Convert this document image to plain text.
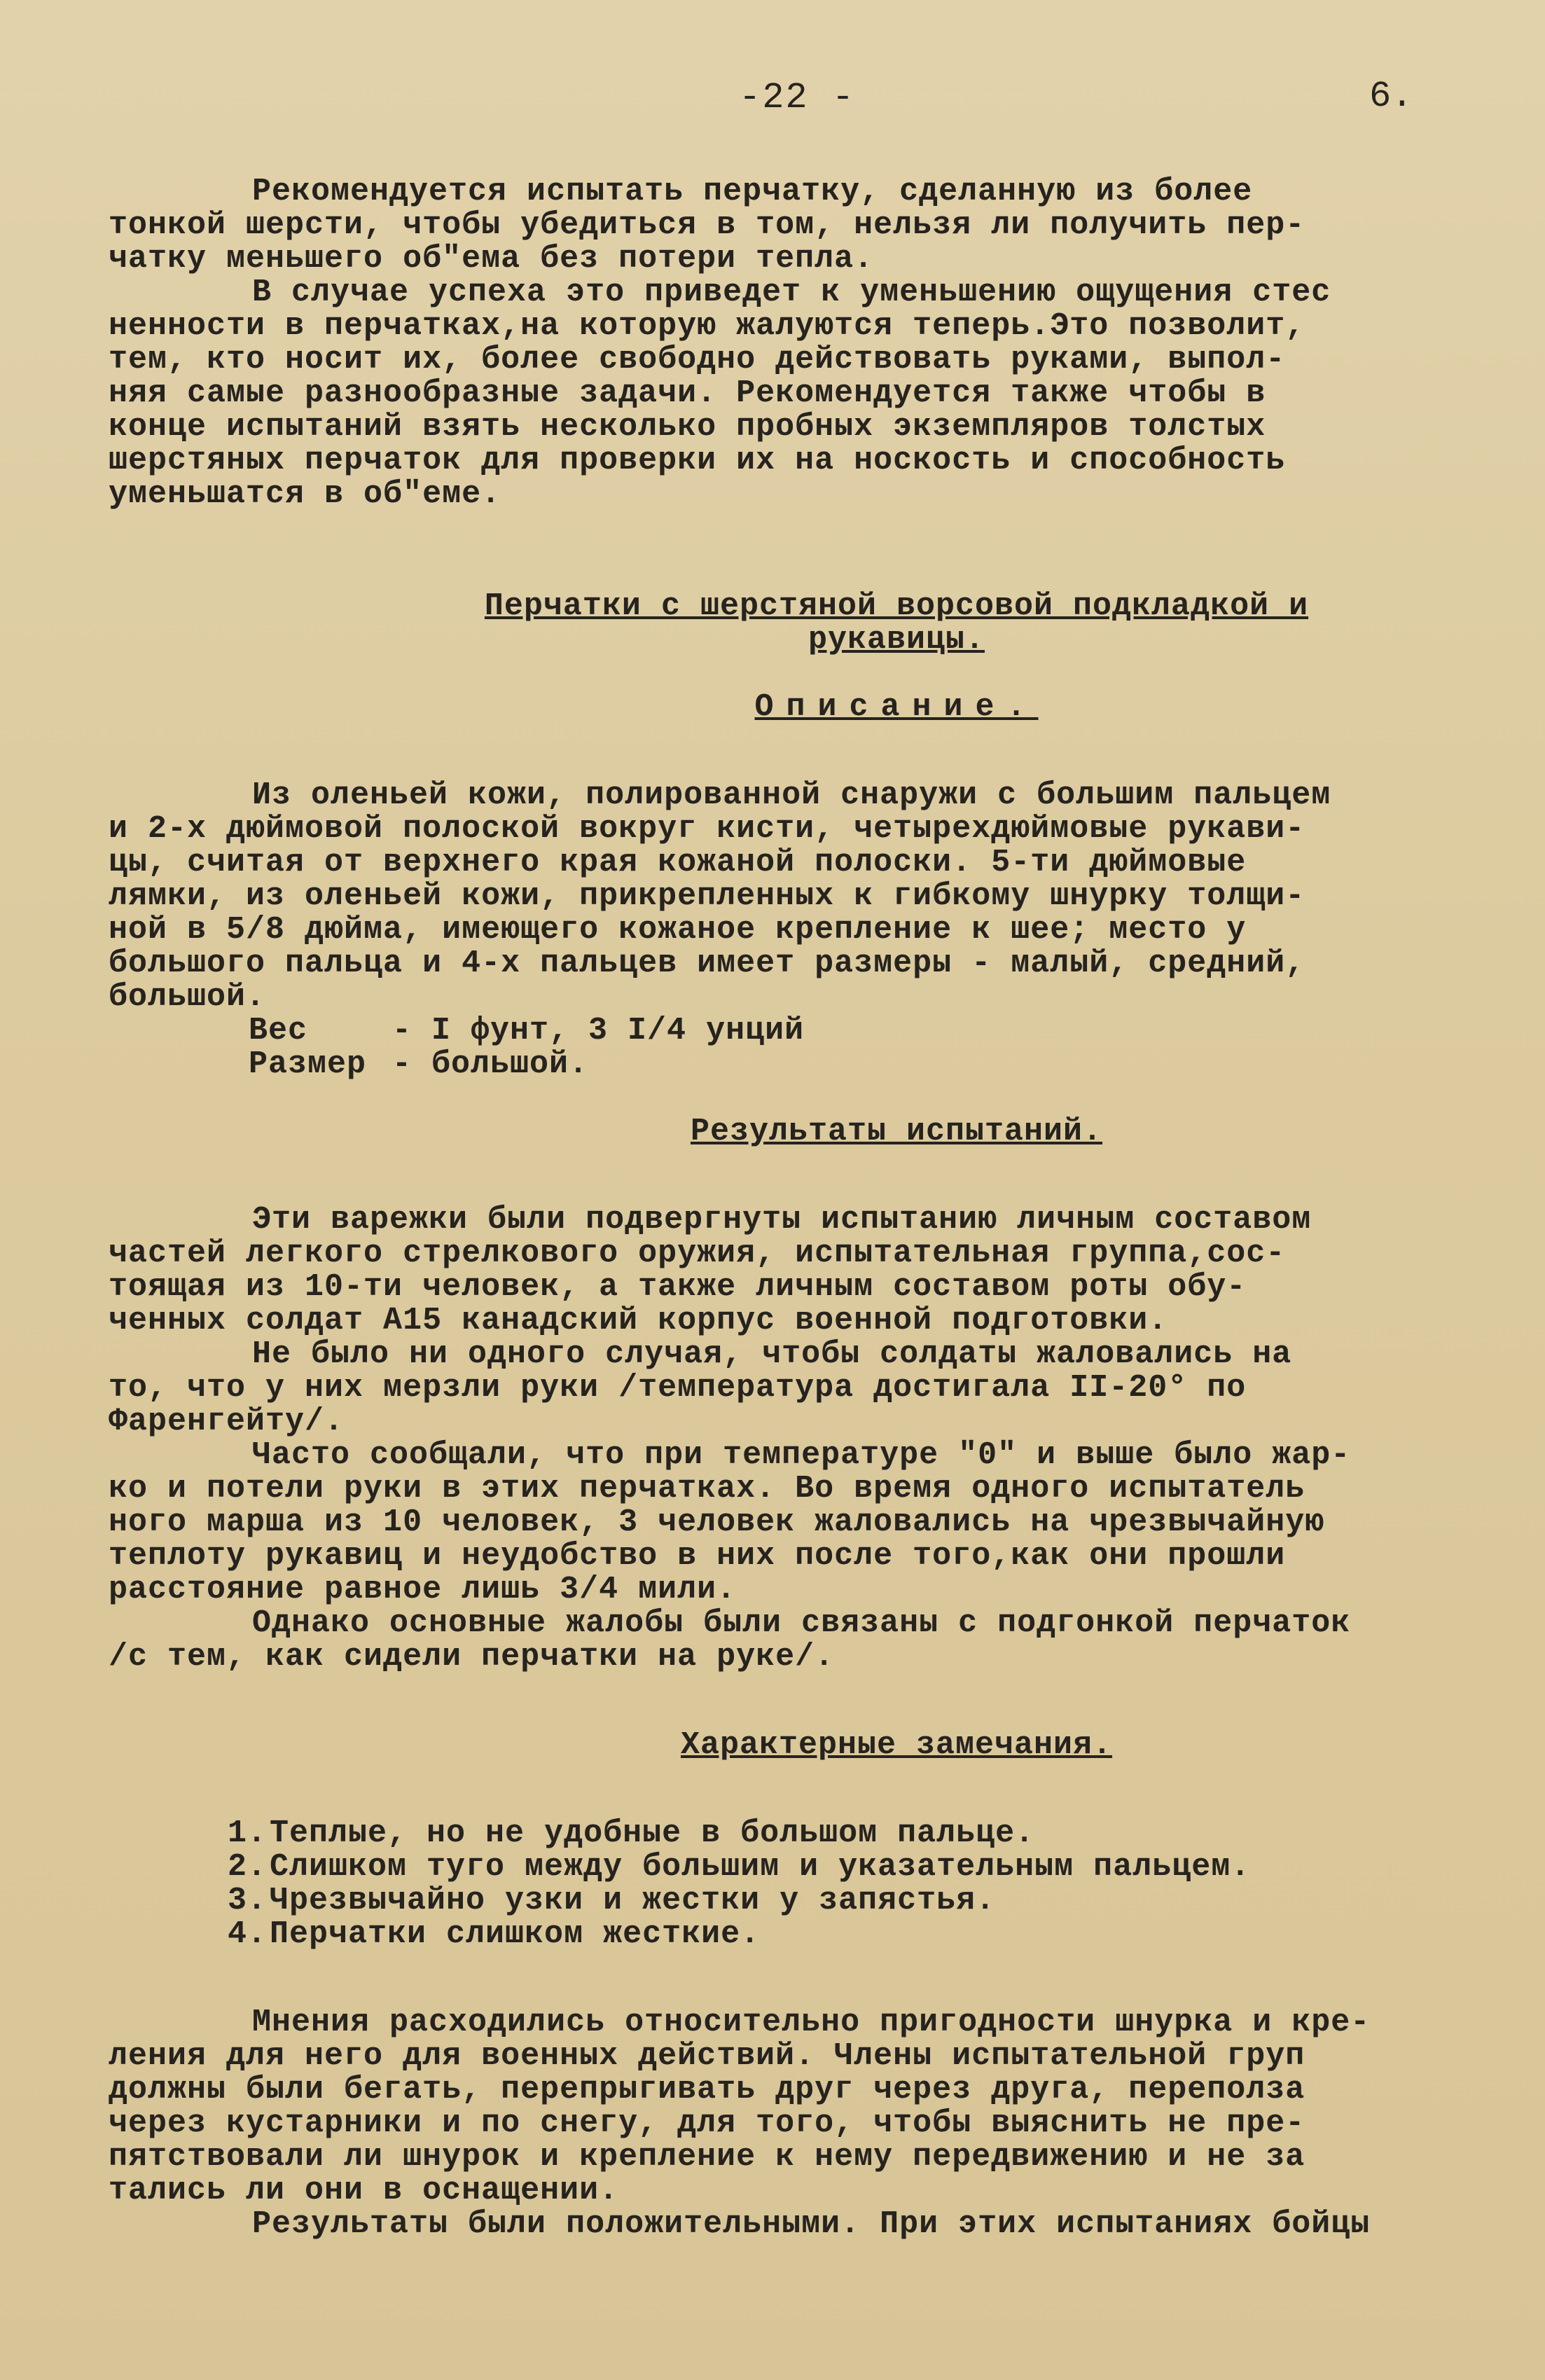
-22 -	6.

Рекомендуется испытать перчатку, сделанную из более

тонкой шерсти, чтобы убедиться в том, нельзя ли получить пер-

чатку меньшего об"ема без потери тепла.

В случае успеха это приведет к уменьшению ощущения стес

ненности в перчатках,на которую жалуются теперь.Это позволит,

тем, кто носит их, более свободно действовать руками, выпол-

няя самые разнообразные задачи. Рекомендуется также чтобы в

конце испытаний взять несколько пробных экземпляров толстых

шерстяных перчаток для проверки их на носкость и способность

уменьшатся в об"еме.

Перчатки с шерстяной ворсовой подкладкой и

рукавицы.

Описание.

Из оленьей кожи, полированной снаружи с большим пальцем

и 2-х дюймовой полоской вокруг кисти, четырехдюймовые рукави-

цы, считая от верхнего края кожаной полоски. 5-ти дюймовые

лямки, из оленьей кожи, прикрепленных к гибкому шнурку толщи-

ной в 5/8 дюйма, имеющего кожаное крепление к шее; место у

большого пальца и 4-х пальцев имеет размеры - малый, средний,

большой.

Вес	- I фунт, 3 I/4 унций

Размер - большой.

Результаты испытаний.

Эти варежки были подвергнуты испытанию личным составом

частей легкого стрелкового оружия, испытательная группа,сос-

тоящая из 10-ти человек, а также личным составом роты обу-

ченных солдат А15 канадский корпус военной подготовки.

Не было ни одного случая, чтобы солдаты жаловались на

то, что у них мерзли руки /температура достигала II-20° по

Фаренгейту/.

Часто сообщали, что при температуре "0" и выше было жар-

ко и потели руки в этих перчатках. Во время одного испытатель

ного марша из 10 человек, 3 человек жаловались на чрезвычайную

теплоту рукавиц и неудобство в них после того,как они прошли

расстояние равное лишь 3/4 мили.

Однако основные жалобы были связаны с подгонкой перчаток

/с тем, как сидели перчатки на руке/.

Характерные замечания.

1.Теплые, но не удобные в большом пальце.
2.Слишком туго между большим и указательным пальцем.
3.Чрезвычайно узки и жестки у запястья.
4.Перчатки слишком жесткие.

Мнения расходились относительно пригодности шнурка и кре-

ления для него для военных действий. Члены испытательной груп

должны были бегать, перепрыгивать друг через друга, переполза

через кустарники и по снегу, для того, чтобы выяснить не пре-

пятствовали ли шнурок и крепление к нему передвижению и не за

тались ли они в оснащении.

Результаты были положительными. При этих испытаниях бойцы
